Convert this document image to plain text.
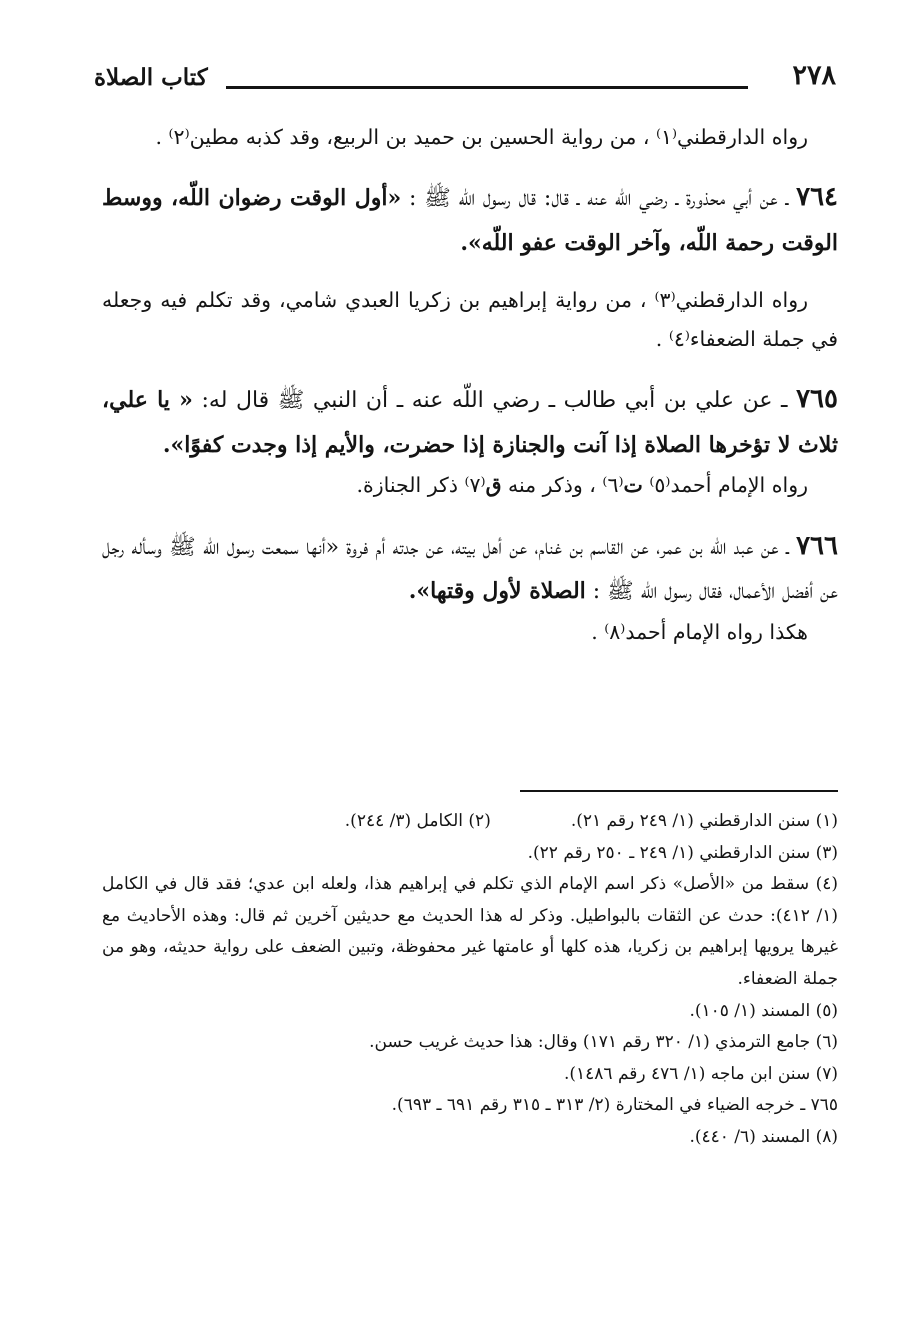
٢٧٨
كتاب الصلاة

رواه الدارقطني⁽١⁾ ، من رواية الحسين بن حميد بن الربيع، وقد كذبه مطين⁽٢⁾ .

٧٦٤ ـ عن أبي محذورة ـ رضي اللّه عنه ـ قال: قال رسول اللّه ﷺ : «أول الوقت رضوان اللّه، ووسط الوقت رحمة اللّه، وآخر الوقت عفو اللّه».

رواه الدارقطني⁽٣⁾ ، من رواية إبراهيم بن زكريا العبدي شامي، وقد تكلم فيه وجعله في جملة الضعفاء⁽٤⁾ .

٧٦٥ ـ عن علي بن أبي طالب ـ رضي اللّه عنه ـ أن النبي ﷺ قال له: « يا علي، ثلاث لا تؤخرها الصلاة إذا آنت والجنازة إذا حضرت، والأيم إذا وجدت كفوًا».

رواه الإمام أحمد⁽٥⁾ ت⁽٦⁾ ، وذكر منه ق⁽٧⁾ ذكر الجنازة.

٧٦٦ ـ عن عبد اللّه بن عمر، عن القاسم بن غنام، عن أهل بيته، عن جدته أم فروة «أنها سمعت رسول اللّه ﷺ وسأله رجل عن أفضل الأعمال، فقال رسول اللّه ﷺ : الصلاة لأول وقتها».

هكذا رواه الإمام أحمد⁽٨⁾ .

(١) سنن الدارقطني (١/ ٢٤٩ رقم ٢١).
(٢) الكامل (٣/ ٢٤٤).

(٣) سنن الدارقطني (١/ ٢٤٩ ـ ٢٥٠ رقم ٢٢).

(٤) سقط من «الأصل» ذكر اسم الإمام الذي تكلم في إبراهيم هذا، ولعله ابن عدي؛ فقد قال في الكامل (١/ ٤١٢): حدث عن الثقات بالبواطيل. وذكر له هذا الحديث مع حديثين آخرين ثم قال: وهذه الأحاديث مع غيرها يرويها إبراهيم بن زكريا، هذه كلها أو عامتها غير محفوظة، وتبين الضعف على رواية حديثه، وهو من جملة الضعفاء.

(٥) المسند (١/ ١٠٥).

(٦) جامع الترمذي (١/ ٣٢٠ رقم ١٧١) وقال: هذا حديث غريب حسن.

(٧) سنن ابن ماجه (١/ ٤٧٦ رقم ١٤٨٦).

٧٦٥ ـ خرجه الضياء في المختارة (٢/ ٣١٣ ـ ٣١٥ رقم ٦٩١ ـ ٦٩٣).

(٨) المسند (٦/ ٤٤٠).
